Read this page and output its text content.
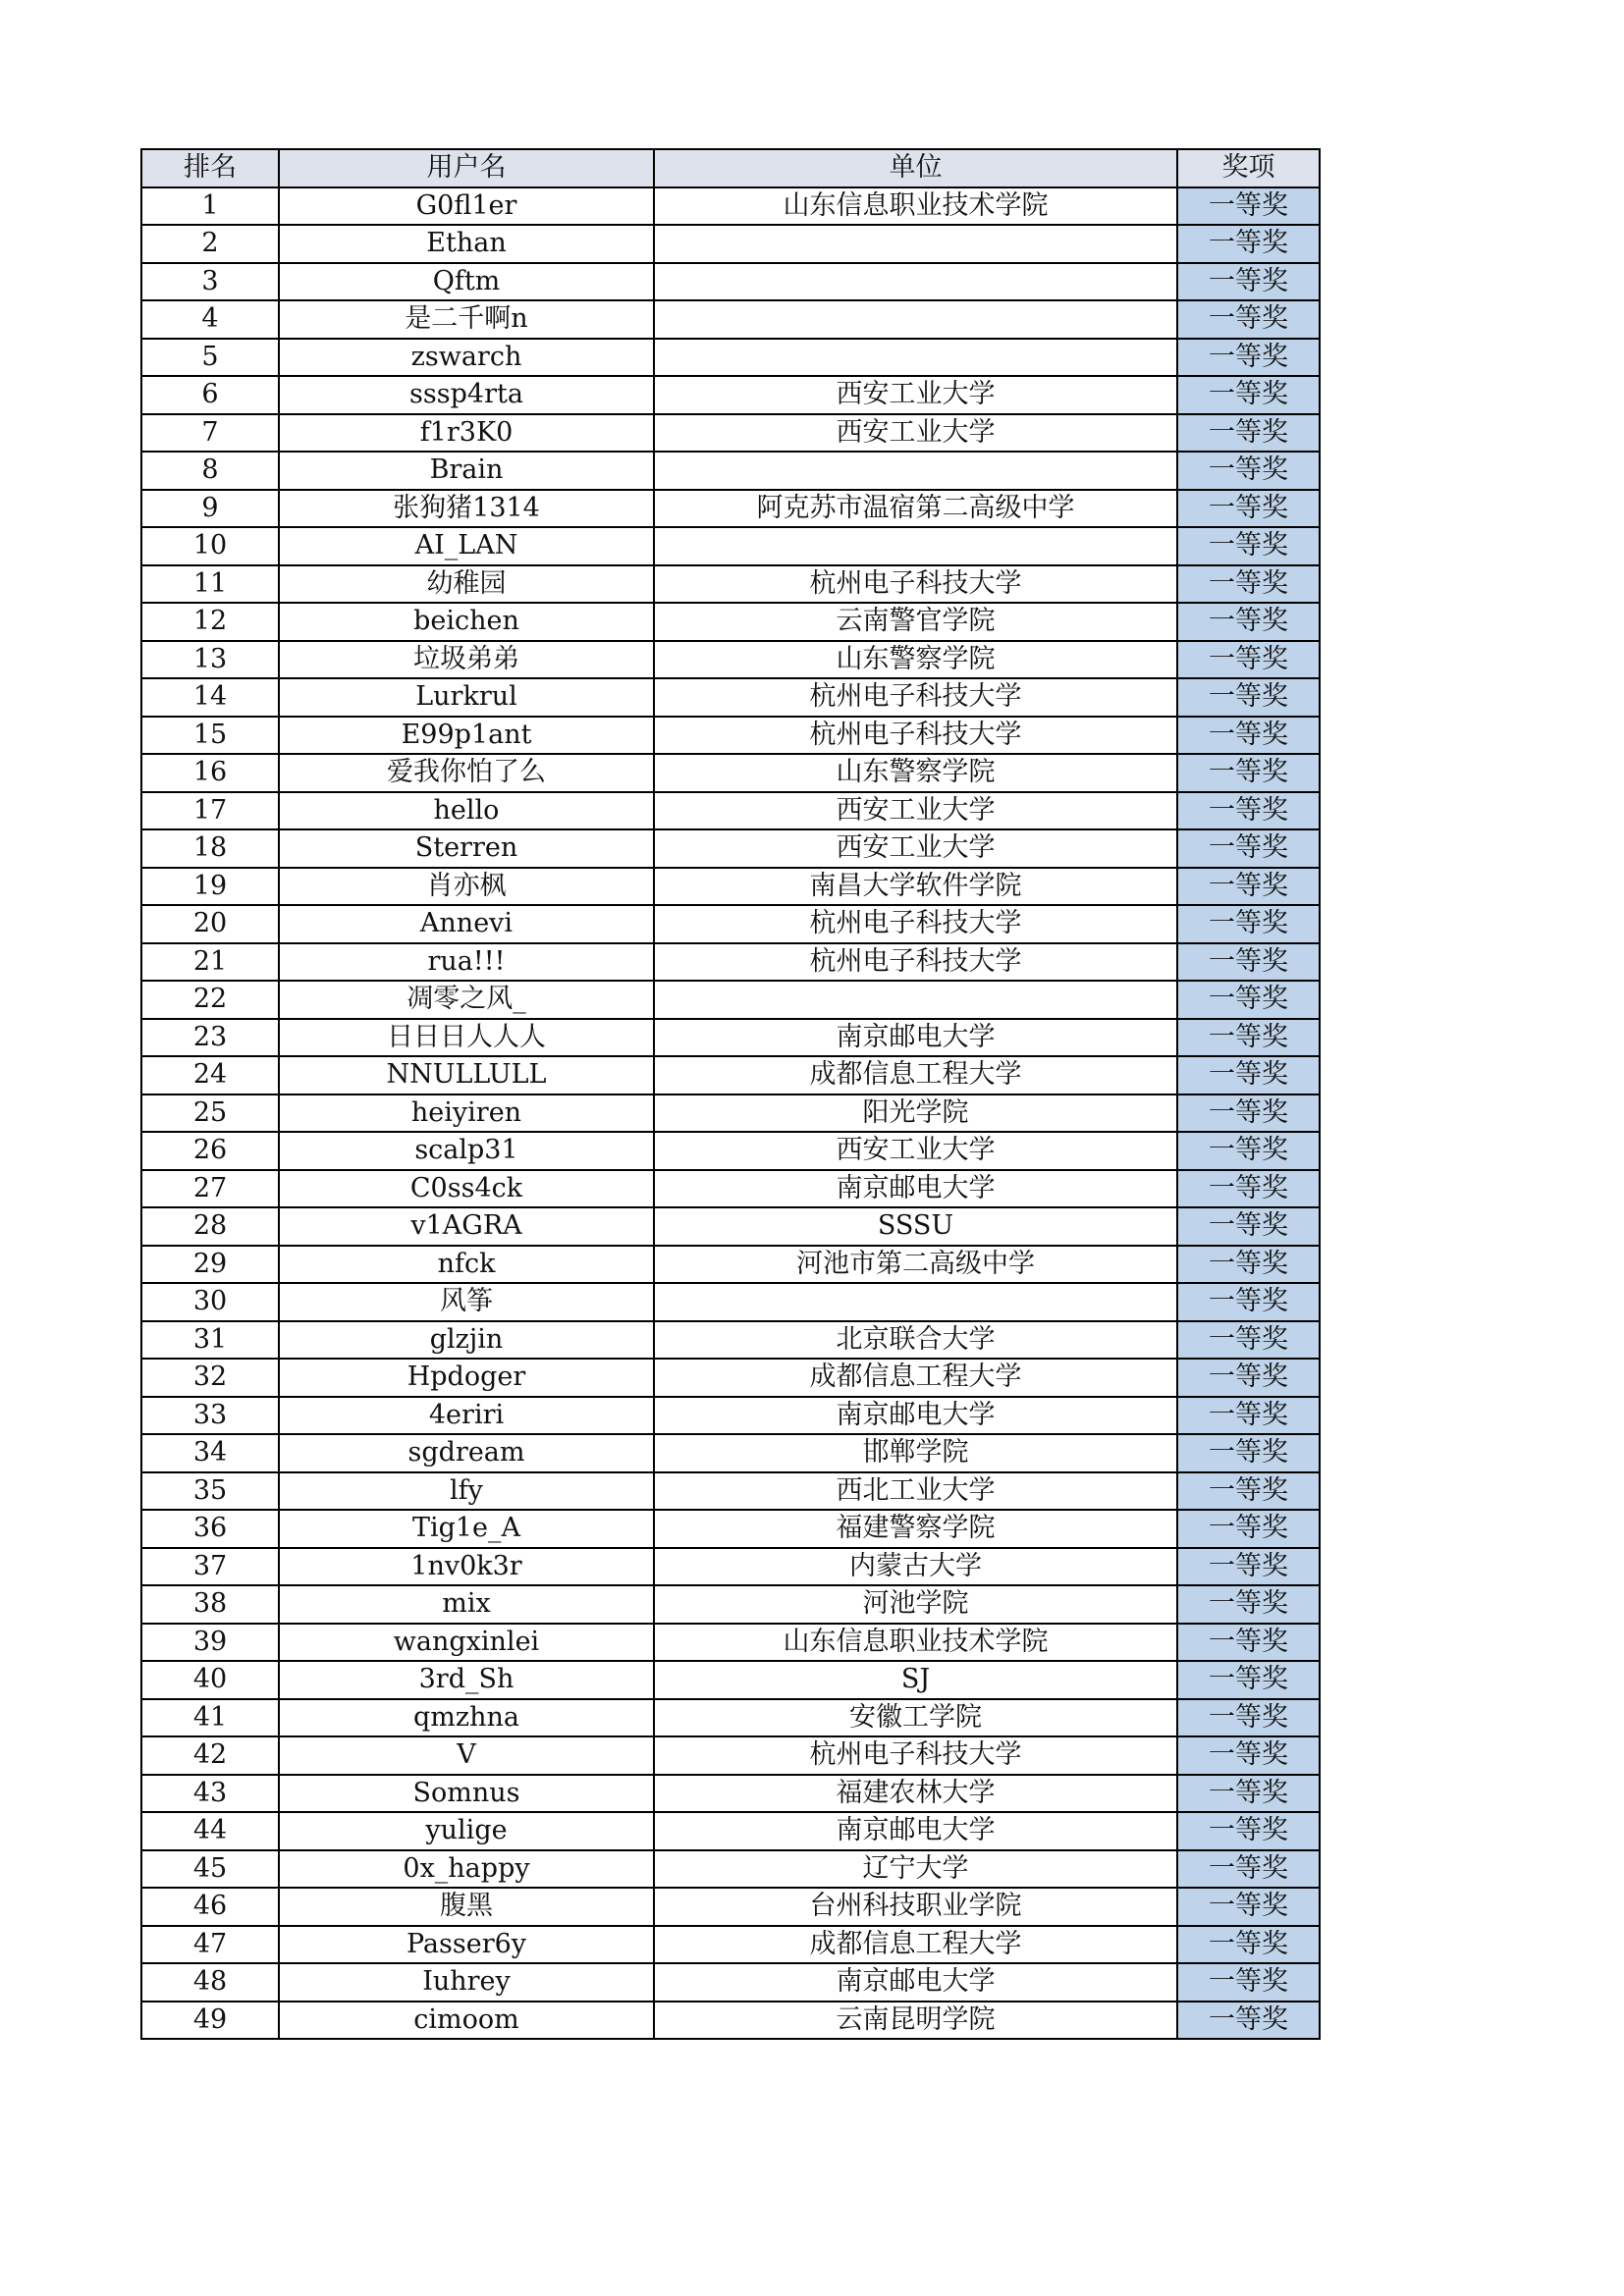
排名	用户名	单位	奖项
1	G0fl1er	山东信息职业技术学院	一等奖
2	Ethan		一等奖
3	Qftm		一等奖
4	是二千啊n		一等奖
5	zswarch		一等奖
6	sssp4rta	西安工业大学	一等奖
7	f1r3K0	西安工业大学	一等奖
8	Brain		一等奖
9	张狗猪1314	阿克苏市温宿第二高级中学	一等奖
10	AI_LAN		一等奖
11	幼稚园	杭州电子科技大学	一等奖
12	beichen	云南警官学院	一等奖
13	垃圾弟弟	山东警察学院	一等奖
14	Lurkrul	杭州电子科技大学	一等奖
15	E99p1ant	杭州电子科技大学	一等奖
16	爱我你怕了么	山东警察学院	一等奖
17	hello	西安工业大学	一等奖
18	Sterren	西安工业大学	一等奖
19	肖亦枫	南昌大学软件学院	一等奖
20	Annevi	杭州电子科技大学	一等奖
21	rua!!!	杭州电子科技大学	一等奖
22	凋零之风_		一等奖
23	日日日人人人	南京邮电大学	一等奖
24	NNULLULL	成都信息工程大学	一等奖
25	heiyiren	阳光学院	一等奖
26	scalp31	西安工业大学	一等奖
27	C0ss4ck	南京邮电大学	一等奖
28	v1AGRA	SSSU	一等奖
29	nfck	河池市第二高级中学	一等奖
30	风筝		一等奖
31	glzjin	北京联合大学	一等奖
32	Hpdoger	成都信息工程大学	一等奖
33	4eriri	南京邮电大学	一等奖
34	sgdream	邯郸学院	一等奖
35	lfy	西北工业大学	一等奖
36	Tig1e_A	福建警察学院	一等奖
37	1nv0k3r	内蒙古大学	一等奖
38	mix	河池学院	一等奖
39	wangxinlei	山东信息职业技术学院	一等奖
40	3rd_Sh	SJ	一等奖
41	qmzhna	安徽工学院	一等奖
42	V	杭州电子科技大学	一等奖
43	Somnus	福建农林大学	一等奖
44	yulige	南京邮电大学	一等奖
45	0x_happy	辽宁大学	一等奖
46	腹黑	台州科技职业学院	一等奖
47	Passer6y	成都信息工程大学	一等奖
48	Iuhrey	南京邮电大学	一等奖
49	cimoom	云南昆明学院	一等奖
